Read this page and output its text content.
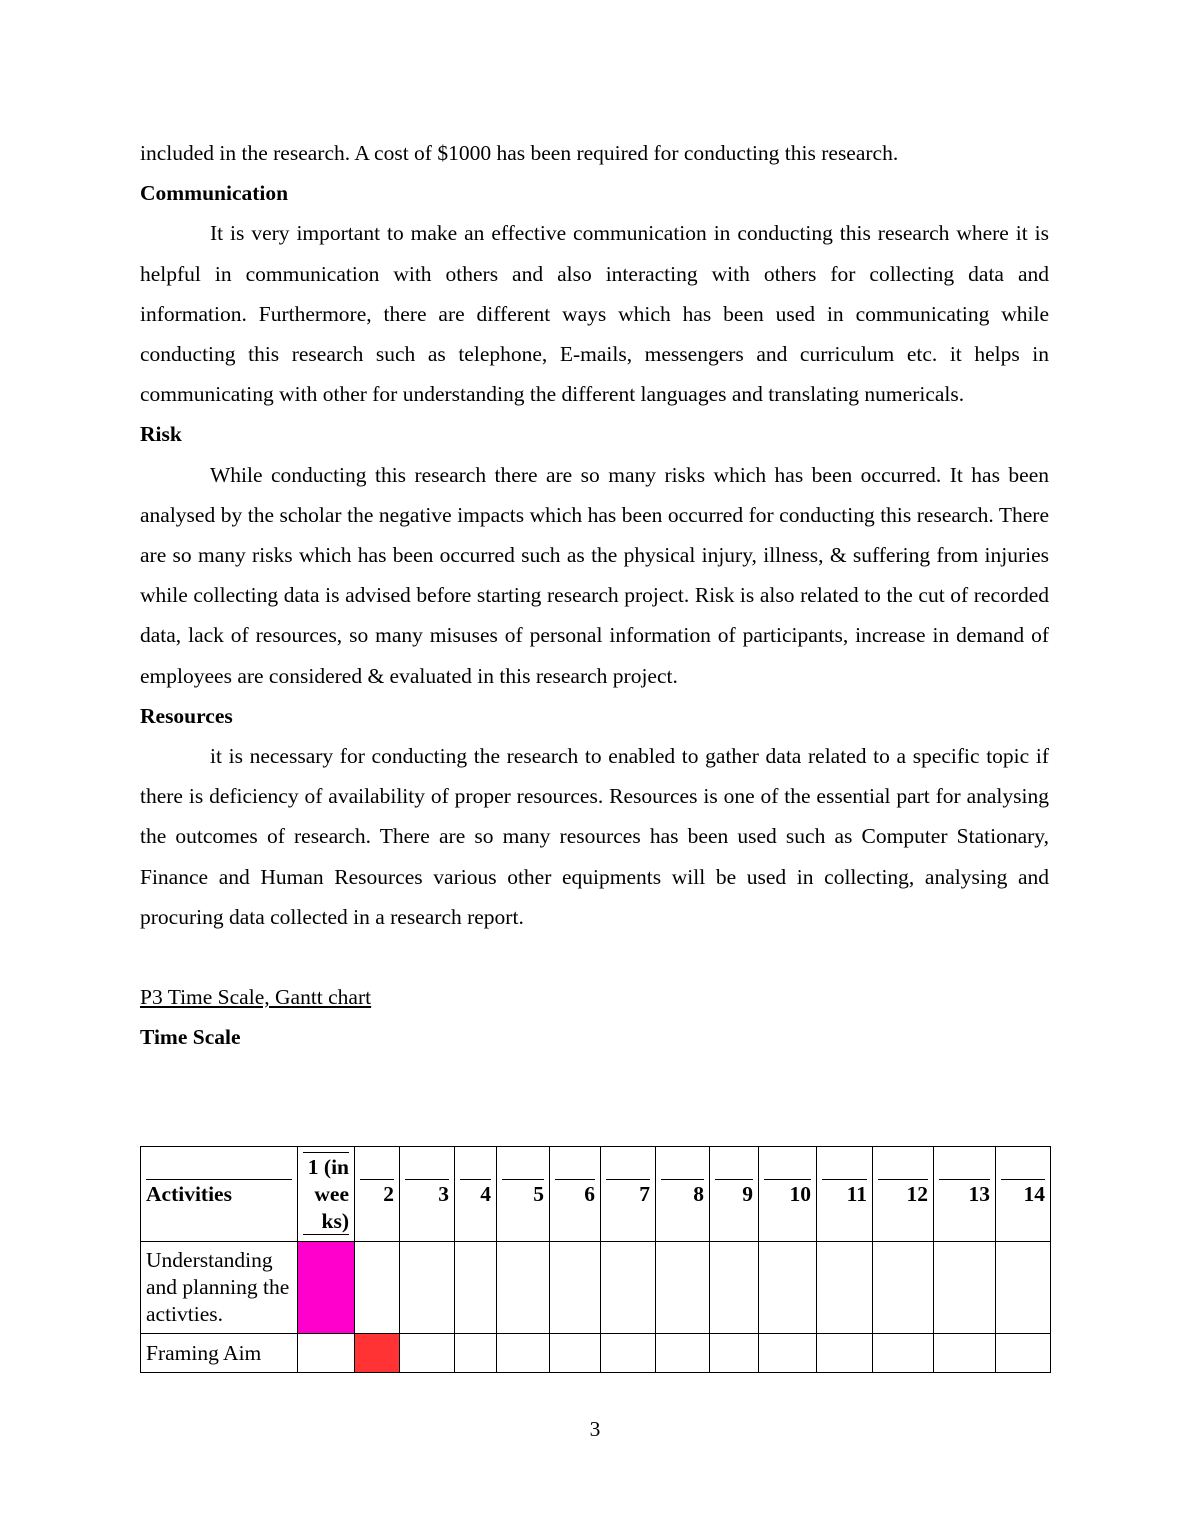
included in the research. A cost of $1000 has been required for conducting this research.

Communication

It is very important to make an effective communication in conducting this research where it is helpful in communication with others and also interacting with others for collecting data and information. Furthermore, there are different ways which has been used in communicating while conducting this research such as telephone, E-mails, messengers and curriculum etc. it helps in communicating with other for understanding the different languages and translating numericals.

Risk

While conducting this research there are so many risks which has been occurred. It has been analysed by the scholar the negative impacts which has been occurred for conducting this research. There are so many risks which has been occurred such as the physical injury, illness, & suffering from injuries while collecting data is advised before starting research project. Risk is also related to the cut of recorded data, lack of resources, so many misuses of personal information of participants, increase in demand of employees are considered & evaluated in this research project.

Resources

it is necessary for conducting the research to enabled to gather data related to a specific topic if there is deficiency of availability of proper resources. Resources is one of the essential part for analysing the outcomes of research. There are so many resources has been used such as Computer Stationary, Finance and Human Resources various other equipments will be used in collecting, analysing and procuring data collected in a research report.

P3 Time Scale, Gantt chart
Time Scale
Activities	1 (in wee ks)	2	3	4	5	6	7	8	9	10	11	12	13	14
Understanding and planning the activties.														
Framing Aim														
3
